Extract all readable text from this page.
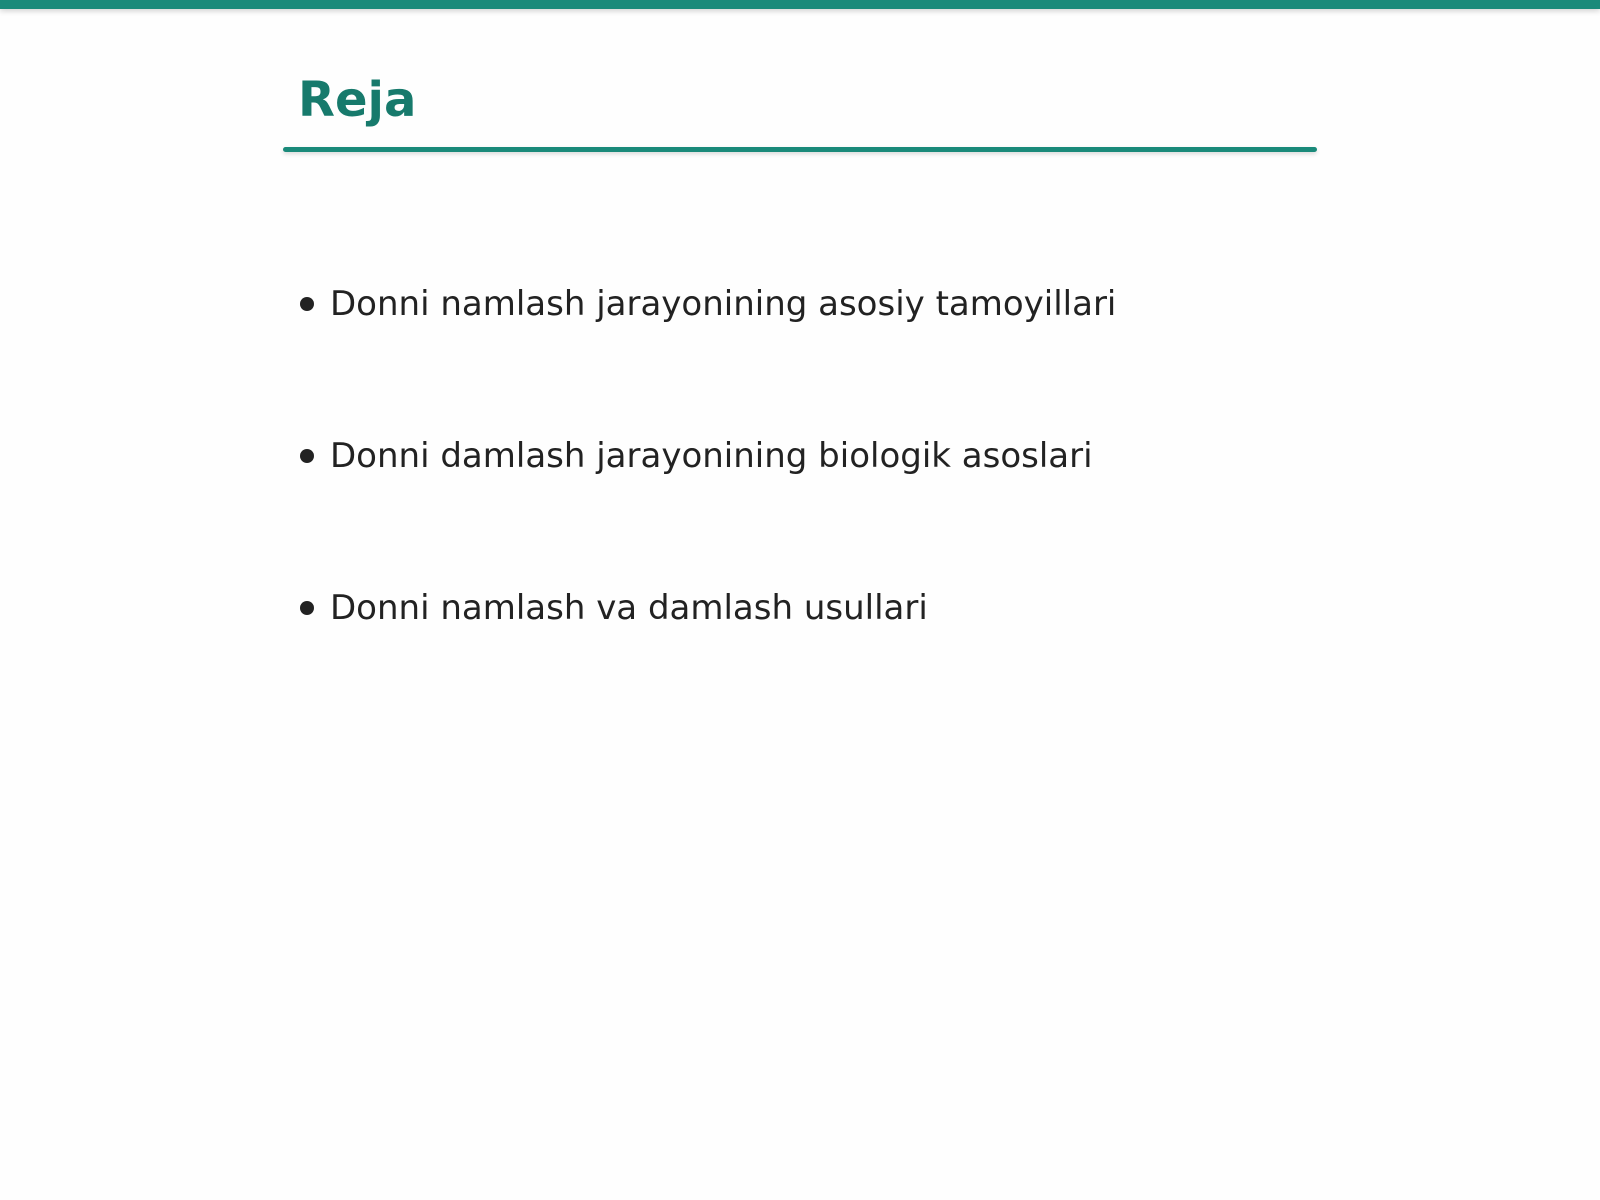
Reja
Donni namlash jarayonining asosiy tamoyillari
Donni damlash jarayonining biologik asoslari
Donni namlash va damlash usullari
